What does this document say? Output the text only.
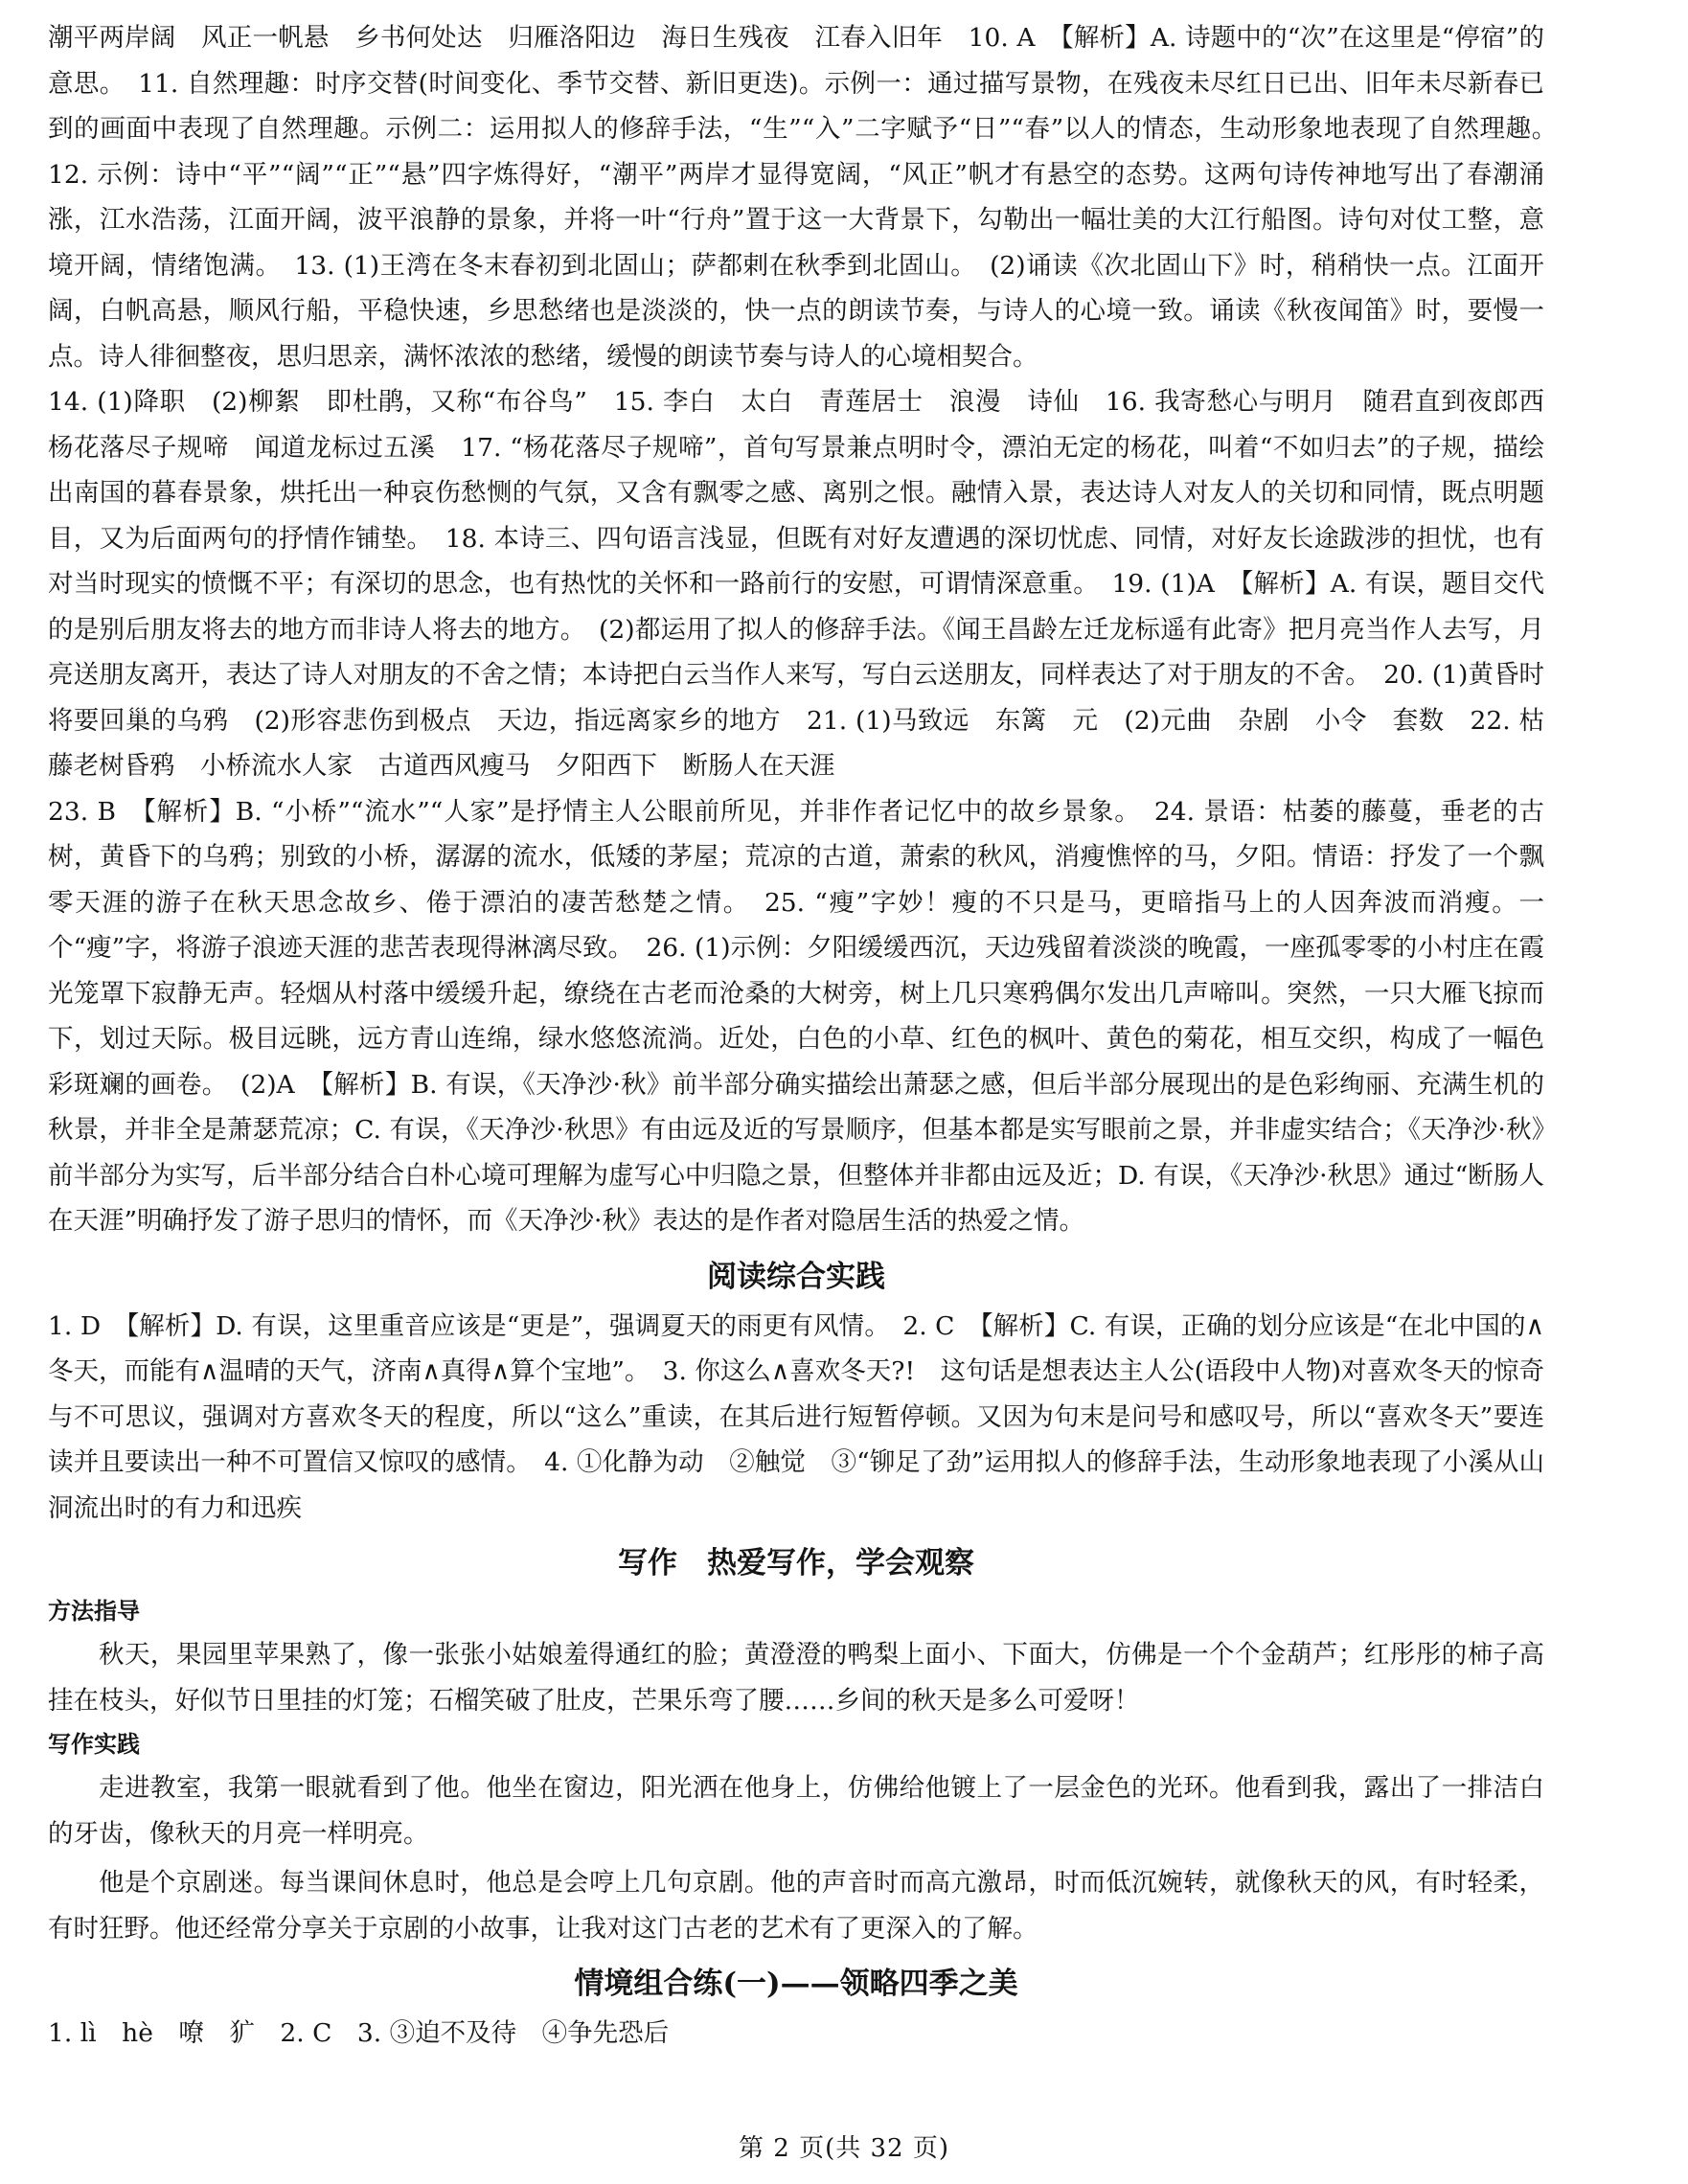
潮平两岸阔　风正一帆悬　乡书何处达　归雁洛阳边　海日生残夜　江春入旧年　10. A　【解析】A. 诗题中的“次”在这里是“停宿”的意思。　11. 自然理趣：时序交替(时间变化、季节交替、新旧更迭)。示例一：通过描写景物，在残夜未尽红日已出、旧年未尽新春已到的画面中表现了自然理趣。示例二：运用拟人的修辞手法，“生”“入”二字赋予“日”“春”以人的情态，生动形象地表现了自然理趣。　12. 示例：诗中“平”“阔”“正”“悬”四字炼得好，“潮平”两岸才显得宽阔，“风正”帆才有悬空的态势。这两句诗传神地写出了春潮涌涨，江水浩荡，江面开阔，波平浪静的景象，并将一叶“行舟”置于这一大背景下，勾勒出一幅壮美的大江行船图。诗句对仗工整，意境开阔，情绪饱满。　13. (1)王湾在冬末春初到北固山；萨都剌在秋季到北固山。　(2)诵读《次北固山下》时，稍稍快一点。江面开阔，白帆高悬，顺风行船，平稳快速，乡思愁绪也是淡淡的，快一点的朗读节奏，与诗人的心境一致。诵读《秋夜闻笛》时，要慢一点。诗人徘徊整夜，思归思亲，满怀浓浓的愁绪，缓慢的朗读节奏与诗人的心境相契合。

14. (1)降职　(2)柳絮　即杜鹃，又称“布谷鸟”　15. 李白　太白　青莲居士　浪漫　诗仙　16. 我寄愁心与明月　随君直到夜郎西　杨花落尽子规啼　闻道龙标过五溪　17. “杨花落尽子规啼”，首句写景兼点明时令，漂泊无定的杨花，叫着“不如归去”的子规，描绘出南国的暮春景象，烘托出一种哀伤愁恻的气氛，又含有飘零之感、离别之恨。融情入景，表达诗人对友人的关切和同情，既点明题目，又为后面两句的抒情作铺垫。　18. 本诗三、四句语言浅显，但既有对好友遭遇的深切忧虑、同情，对好友长途跋涉的担忧，也有对当时现实的愤慨不平；有深切的思念，也有热忱的关怀和一路前行的安慰，可谓情深意重。　19. (1)A　【解析】A. 有误，题目交代的是别后朋友将去的地方而非诗人将去的地方。　(2)都运用了拟人的修辞手法。《闻王昌龄左迁龙标遥有此寄》把月亮当作人去写，月亮送朋友离开，表达了诗人对朋友的不舍之情；本诗把白云当作人来写，写白云送朋友，同样表达了对于朋友的不舍。　20. (1)黄昏时将要回巢的乌鸦　(2)形容悲伤到极点　天边，指远离家乡的地方　21. (1)马致远　东篱　元　(2)元曲　杂剧　小令　套数　22. 枯藤老树昏鸦　小桥流水人家　古道西风瘦马　夕阳西下　断肠人在天涯

23. B　【解析】B. “小桥”“流水”“人家”是抒情主人公眼前所见，并非作者记忆中的故乡景象。　24. 景语：枯萎的藤蔓，垂老的古树，黄昏下的乌鸦；别致的小桥，潺潺的流水，低矮的茅屋；荒凉的古道，萧索的秋风，消瘦憔悴的马，夕阳。情语：抒发了一个飘零天涯的游子在秋天思念故乡、倦于漂泊的凄苦愁楚之情。　25. “瘦”字妙！瘦的不只是马，更暗指马上的人因奔波而消瘦。一个“瘦”字，将游子浪迹天涯的悲苦表现得淋漓尽致。　26. (1)示例：夕阳缓缓西沉，天边残留着淡淡的晚霞，一座孤零零的小村庄在霞光笼罩下寂静无声。轻烟从村落中缓缓升起，缭绕在古老而沧桑的大树旁，树上几只寒鸦偶尔发出几声啼叫。突然，一只大雁飞掠而下，划过天际。极目远眺，远方青山连绵，绿水悠悠流淌。近处，白色的小草、红色的枫叶、黄色的菊花，相互交织，构成了一幅色彩斑斓的画卷。　(2)A　【解析】B. 有误，《天净沙·秋》前半部分确实描绘出萧瑟之感，但后半部分展现出的是色彩绚丽、充满生机的秋景，并非全是萧瑟荒凉；C. 有误，《天净沙·秋思》有由远及近的写景顺序，但基本都是实写眼前之景，并非虚实结合；《天净沙·秋》前半部分为实写，后半部分结合白朴心境可理解为虚写心中归隐之景，但整体并非都由远及近；D. 有误，《天净沙·秋思》通过“断肠人在天涯”明确抒发了游子思归的情怀，而《天净沙·秋》表达的是作者对隐居生活的热爱之情。

阅读综合实践

1. D　【解析】D. 有误，这里重音应该是“更是”，强调夏天的雨更有风情。　2. C　【解析】C. 有误，正确的划分应该是“在北中国的∧冬天，而能有∧温晴的天气，济南∧真得∧算个宝地”。　3. 你这么∧喜欢冬天?!　这句话是想表达主人公(语段中人物)对喜欢冬天的惊奇与不可思议，强调对方喜欢冬天的程度，所以“这么”重读，在其后进行短暂停顿。又因为句末是问号和感叹号，所以“喜欢冬天”要连读并且要读出一种不可置信又惊叹的感情。　4. ①化静为动　②触觉　③“铆足了劲”运用拟人的修辞手法，生动形象地表现了小溪从山洞流出时的有力和迅疾

写作　热爱写作，学会观察

方法指导

秋天，果园里苹果熟了，像一张张小姑娘羞得通红的脸；黄澄澄的鸭梨上面小、下面大，仿佛是一个个金葫芦；红彤彤的柿子高挂在枝头，好似节日里挂的灯笼；石榴笑破了肚皮，芒果乐弯了腰……乡间的秋天是多么可爱呀！

写作实践

走进教室，我第一眼就看到了他。他坐在窗边，阳光洒在他身上，仿佛给他镀上了一层金色的光环。他看到我，露出了一排洁白的牙齿，像秋天的月亮一样明亮。

他是个京剧迷。每当课间休息时，他总是会哼上几句京剧。他的声音时而高亢激昂，时而低沉婉转，就像秋天的风，有时轻柔，有时狂野。他还经常分享关于京剧的小故事，让我对这门古老的艺术有了更深入的了解。

情境组合练(一)——领略四季之美

1. lì　hè　嘹　犷　2. C　3. ③迫不及待　④争先恐后

第 2 页(共 32 页)
